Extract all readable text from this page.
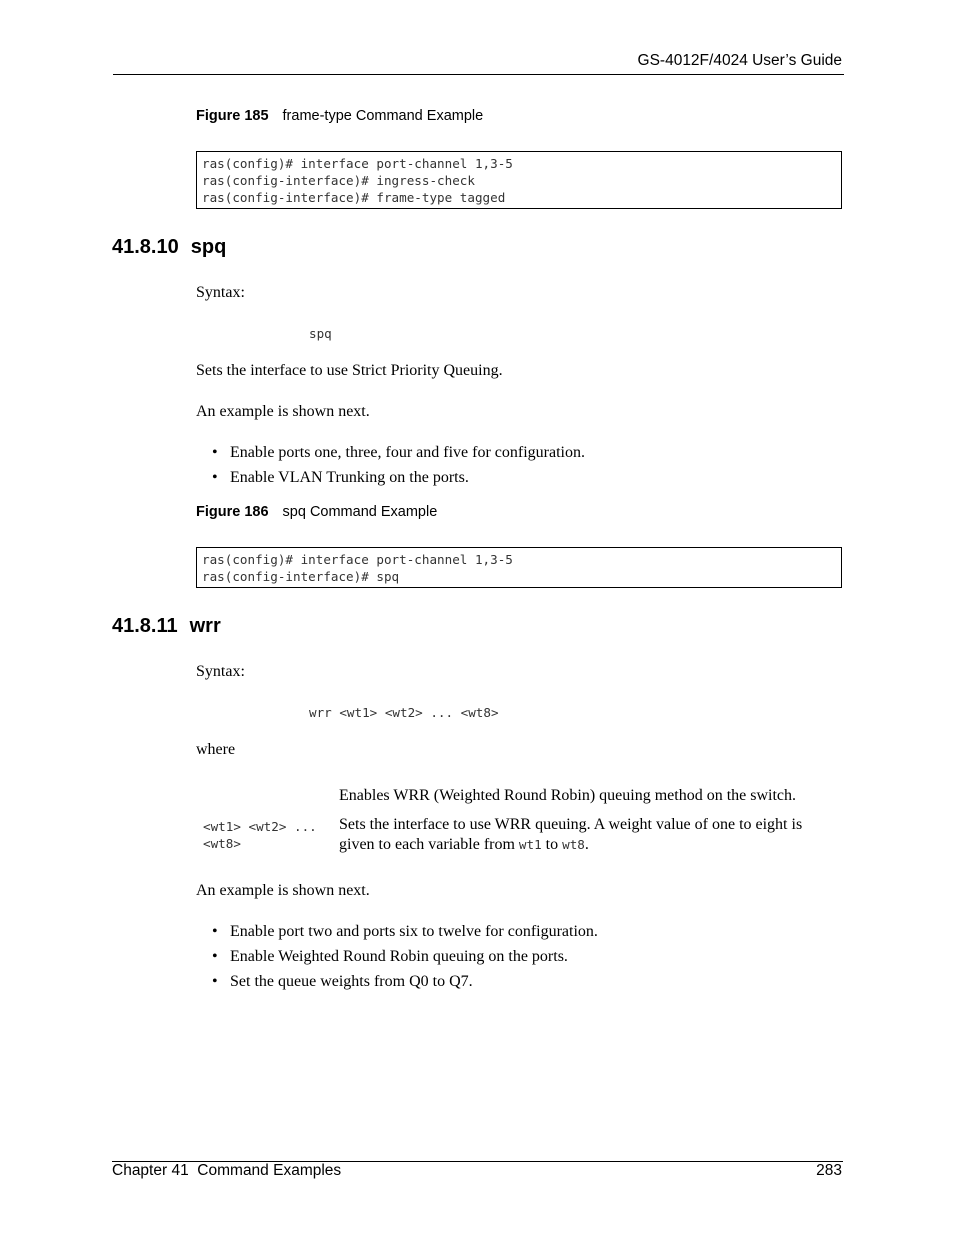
GS-4012F/4024 User’s Guide
Figure 185 frame-type Command Example
ras(config)# interface port-channel 1,3-5
ras(config-interface)# ingress-check
ras(config-interface)# frame-type tagged
41.8.10 spq
Syntax:
spq
Sets the interface to use Strict Priority Queuing.
An example is shown next.
• Enable ports one, three, four and five for configuration.
• Enable VLAN Trunking on the ports.
Figure 186 spq Command Example
ras(config)# interface port-channel 1,3-5
ras(config-interface)# spq
41.8.11 wrr
Syntax:
wrr <wt1> <wt2> ... <wt8>
where
Enables WRR (Weighted Round Robin) queuing method on the switch.
<wt1> <wt2> ...
<wt8>
Sets the interface to use WRR queuing. A weight value of one to eight is given to each variable from wt1 to wt8.
An example is shown next.
• Enable port two and ports six to twelve for configuration.
• Enable Weighted Round Robin queuing on the ports.
• Set the queue weights from Q0 to Q7.
Chapter 41  Command Examples	283
